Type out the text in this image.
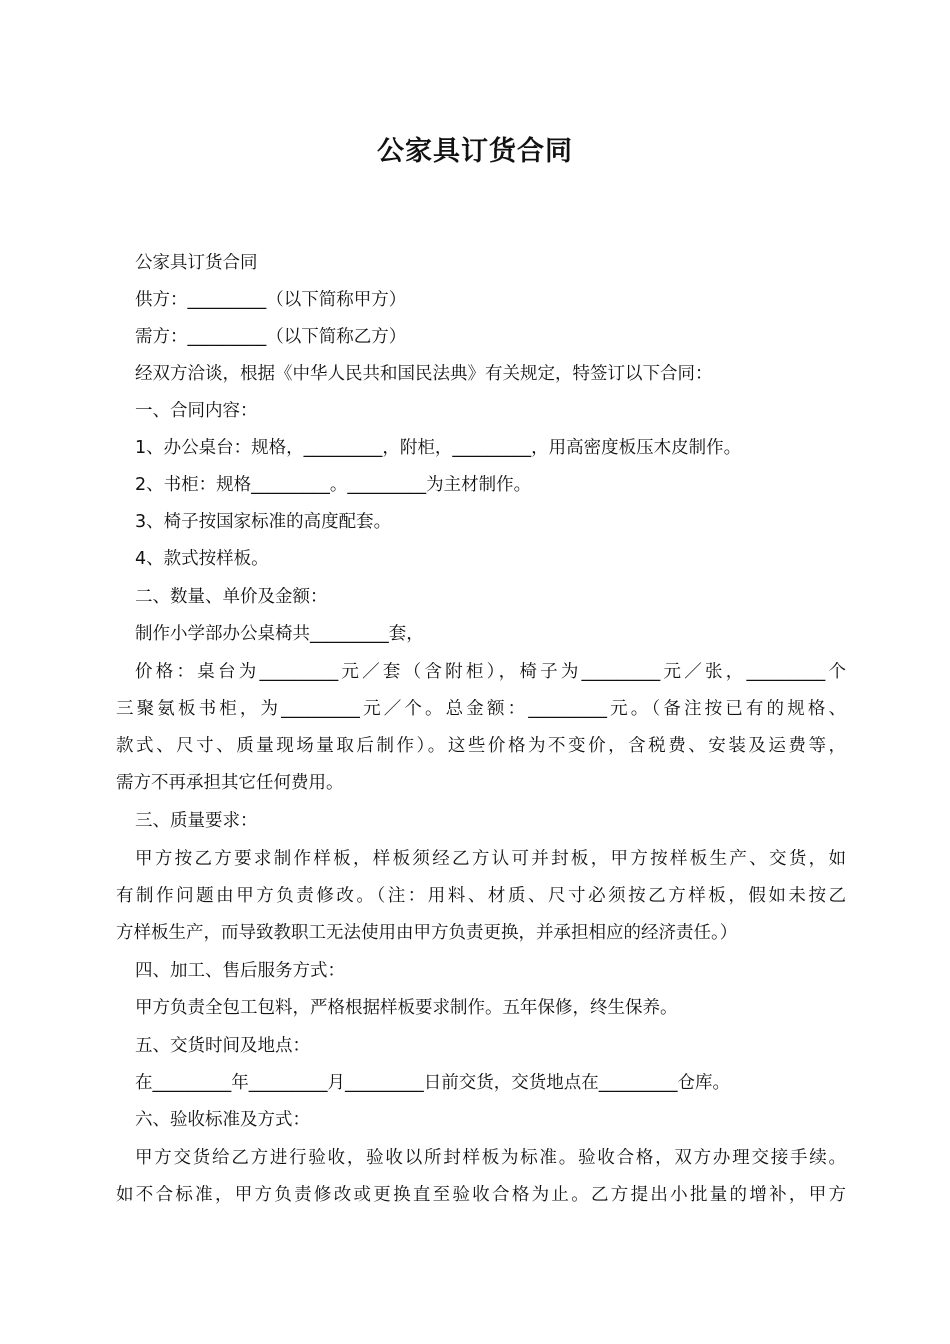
公家具订货合同
公家具订货合同
供方：_________（以下简称甲方）
需方：_________（以下简称乙方）
经双方洽谈，根据《中华人民共和国民法典》有关规定，特签订以下合同：
一、合同内容：
1、办公桌台：规格，_________，附柜，_________，用高密度板压木皮制作。
2、书柜：规格_________。_________为主材制作。
3、椅子按国家标准的高度配套。
4、款式按样板。
二、数量、单价及金额：
制作小学部办公桌椅共_________套，
价格：桌台为_________元／套（含附柜），椅子为_________元／张，_________个
三聚氨板书柜，为_________元／个。总金额：_________元。（备注按已有的规格、
款式、尺寸、质量现场量取后制作）。这些价格为不变价，含税费、安装及运费等，
需方不再承担其它任何费用。
三、质量要求：
甲方按乙方要求制作样板，样板须经乙方认可并封板，甲方按样板生产、交货，如
有制作问题由甲方负责修改。（注：用料、材质、尺寸必须按乙方样板，假如未按乙
方样板生产，而导致教职工无法使用由甲方负责更换，并承担相应的经济责任。）
四、加工、售后服务方式：
甲方负责全包工包料，严格根据样板要求制作。五年保修，终生保养。
五、交货时间及地点：
在_________年_________月_________日前交货，交货地点在_________仓库。
六、验收标准及方式：
甲方交货给乙方进行验收，验收以所封样板为标准。验收合格，双方办理交接手续。
如不合标准，甲方负责修改或更换直至验收合格为止。乙方提出小批量的增补，甲方
